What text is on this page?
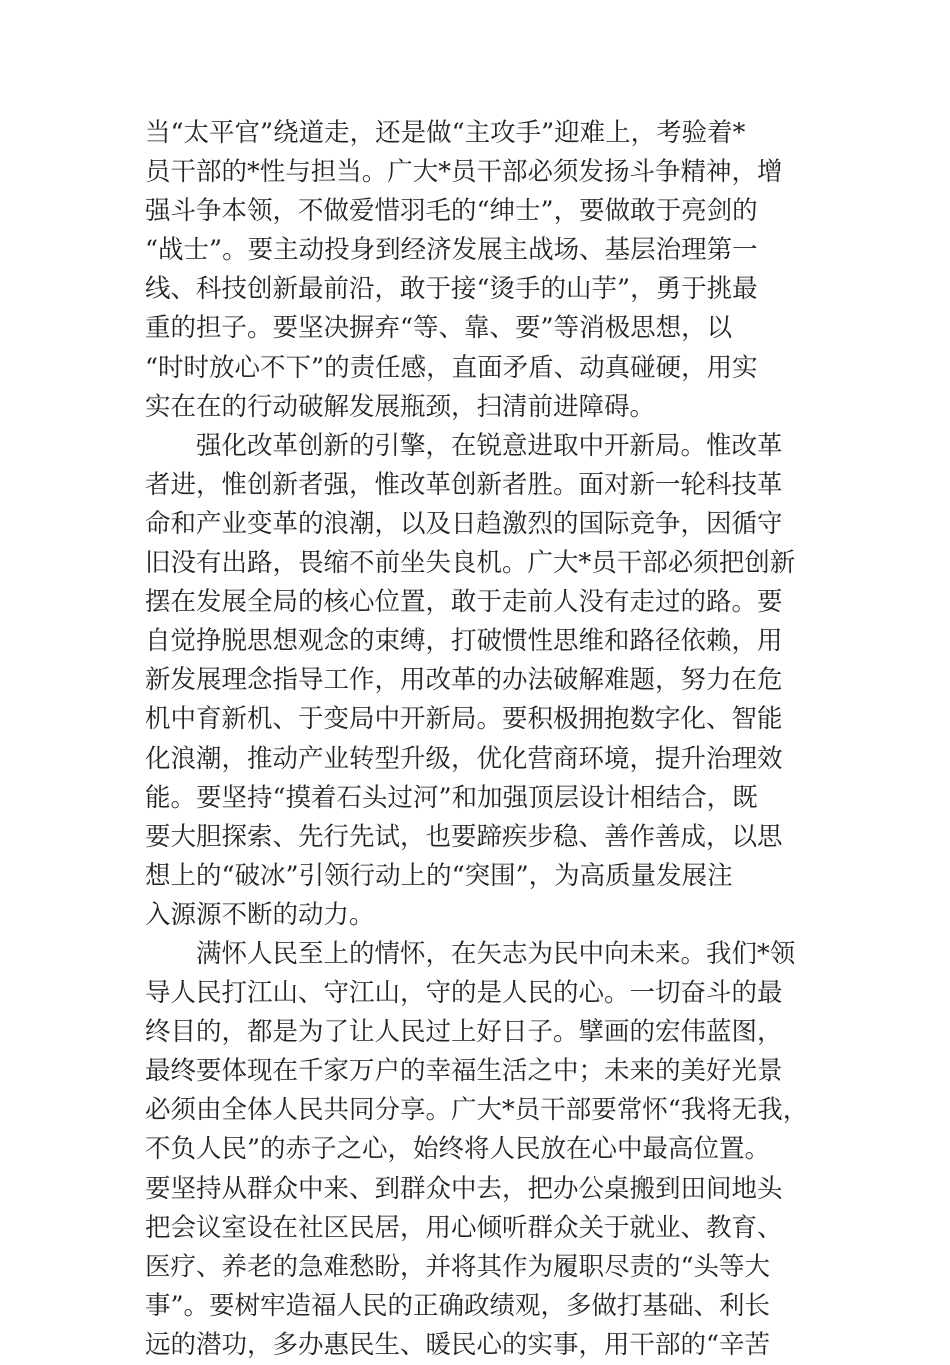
当“太平官”绕道走，还是做“主攻手”迎难上，考验着*
员干部的*性与担当。广大*员干部必须发扬斗争精神，增
强斗争本领，不做爱惜羽毛的“绅士”，要做敢于亮剑的
“战士”。要主动投身到经济发展主战场、基层治理第一
线、科技创新最前沿，敢于接“烫手的山芋”，勇于挑最
重的担子。要坚决摒弃“等、靠、要”等消极思想，以
“时时放心不下”的责任感，直面矛盾、动真碰硬，用实
实在在的行动破解发展瓶颈，扫清前进障碍。
强化改革创新的引擎，在锐意进取中开新局。惟改革
者进，惟创新者强，惟改革创新者胜。面对新一轮科技革
命和产业变革的浪潮，以及日趋激烈的国际竞争，因循守
旧没有出路，畏缩不前坐失良机。广大*员干部必须把创新
摆在发展全局的核心位置，敢于走前人没有走过的路。要
自觉挣脱思想观念的束缚，打破惯性思维和路径依赖，用
新发展理念指导工作，用改革的办法破解难题，努力在危
机中育新机、于变局中开新局。要积极拥抱数字化、智能
化浪潮，推动产业转型升级，优化营商环境，提升治理效
能。要坚持“摸着石头过河”和加强顶层设计相结合，既
要大胆探索、先行先试，也要蹄疾步稳、善作善成，以思
想上的“破冰”引领行动上的“突围”，为高质量发展注
入源源不断的动力。
满怀人民至上的情怀，在矢志为民中向未来。我们*领
导人民打江山、守江山，守的是人民的心。一切奋斗的最
终目的，都是为了让人民过上好日子。擘画的宏伟蓝图，
最终要体现在千家万户的幸福生活之中；未来的美好光景
必须由全体人民共同分享。广大*员干部要常怀“我将无我，
不负人民”的赤子之心，始终将人民放在心中最高位置。
要坚持从群众中来、到群众中去，把办公桌搬到田间地头
把会议室设在社区民居，用心倾听群众关于就业、教育、
医疗、养老的急难愁盼，并将其作为履职尽责的“头等大
事”。要树牢造福人民的正确政绩观，多做打基础、利长
远的潜功，多办惠民生、暖民心的实事，用干部的“辛苦
